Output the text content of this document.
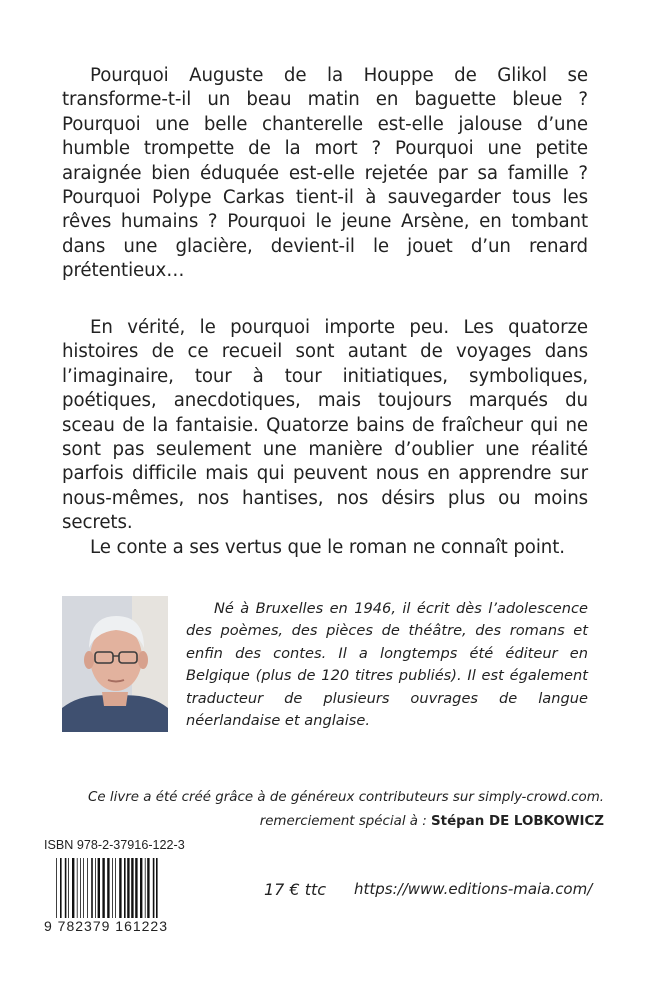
Pourquoi Auguste de la Houppe de Glikol se transforme-t-il un beau matin en baguette bleue ? Pourquoi une belle chanterelle est-elle jalouse d’une humble trompette de la mort ? Pourquoi une petite araignée bien éduquée est-elle rejetée par sa famille ? Pourquoi Polype Carkas tient-il à sauvegarder tous les rêves humains ? Pourquoi le jeune Arsène, en tombant dans une glacière, devient-il le jouet d’un renard prétentieux…

En vérité, le pourquoi importe peu. Les quatorze histoires de ce recueil sont autant de voyages dans l’imaginaire, tour à tour initiatiques, symboliques, poétiques, anecdotiques, mais toujours marqués du sceau de la fantaisie. Quatorze bains de fraîcheur qui ne sont pas seulement une manière d’oublier une réalité parfois difficile mais qui peuvent nous en apprendre sur nous-mêmes, nos hantises, nos désirs plus ou moins secrets.

Le conte a ses vertus que le roman ne connaît point.

Né à Bruxelles en 1946, il écrit dès l’adolescence des poèmes, des pièces de théâtre, des romans et enfin des contes. Il a longtemps été éditeur en Belgique (plus de 120 titres publiés). Il est également traducteur de plusieurs ouvrages de langue néerlandaise et anglaise.

Ce livre a été créé grâce à de généreux contributeurs sur simply-crowd.com.
remerciement spécial à : Stépan DE LOBKOWICZ
ISBN 978-2-37916-122-3
9 782379 161223
17 € ttc https://www.editions-maia.com/
